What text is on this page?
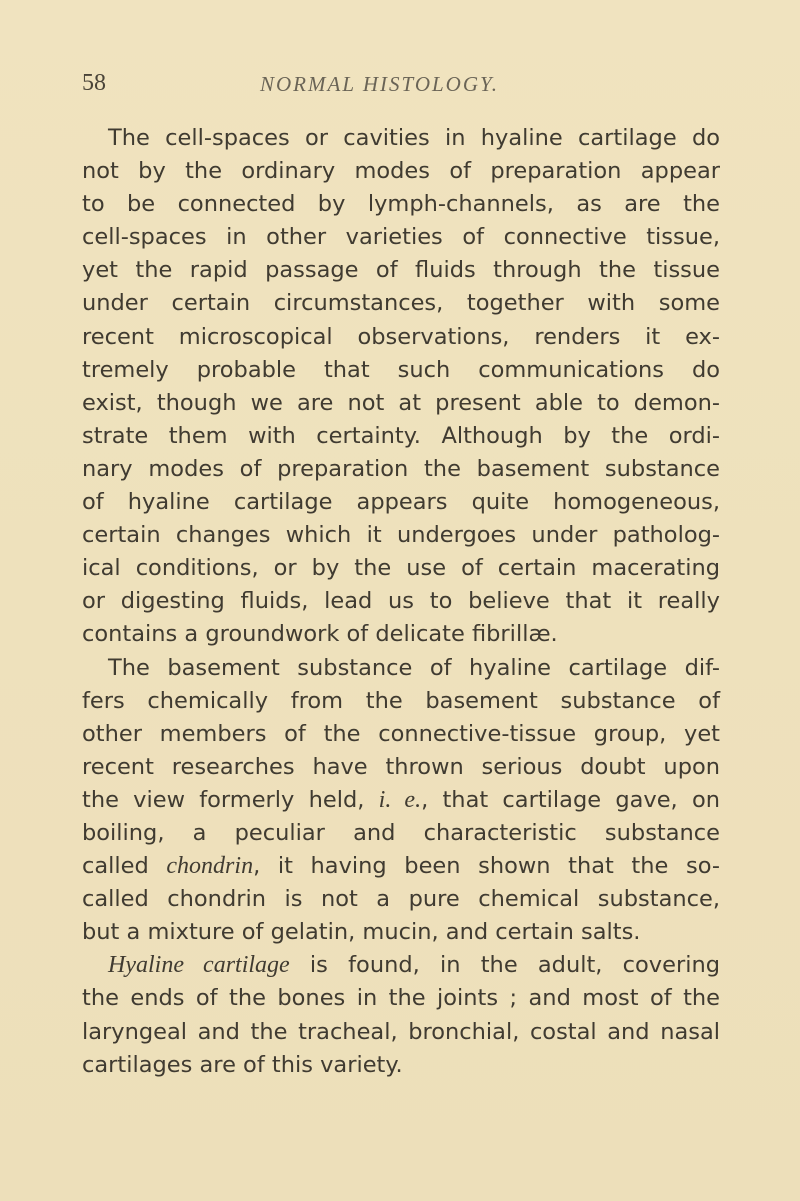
58	NORMAL HISTOLOGY.
The cell-spaces or cavities in hyaline cartilage do
not by the ordinary modes of preparation appear
to be connected by lymph-channels, as are the
cell-spaces in other varieties of connective tissue,
yet the rapid passage of fluids through the tissue
under certain circumstances, together with some
recent microscopical observations, renders it ex-
tremely probable that such communications do
exist, though we are not at present able to demon-
strate them with certainty. Although by the ordi-
nary modes of preparation the basement substance
of hyaline cartilage appears quite homogeneous,
certain changes which it undergoes under patholog-
ical conditions, or by the use of certain macerating
or digesting fluids, lead us to believe that it really
contains a groundwork of delicate fibrillæ.
The basement substance of hyaline cartilage dif-
fers chemically from the basement substance of
other members of the connective-tissue group, yet
recent researches have thrown serious doubt upon
the view formerly held, i. e., that cartilage gave, on
boiling, a peculiar and characteristic substance
called chondrin, it having been shown that the so-
called chondrin is not a pure chemical substance,
but a mixture of gelatin, mucin, and certain salts.
Hyaline cartilage is found, in the adult, covering
the ends of the bones in the joints ; and most of the
laryngeal and the tracheal, bronchial, costal and nasal
cartilages are of this variety.
